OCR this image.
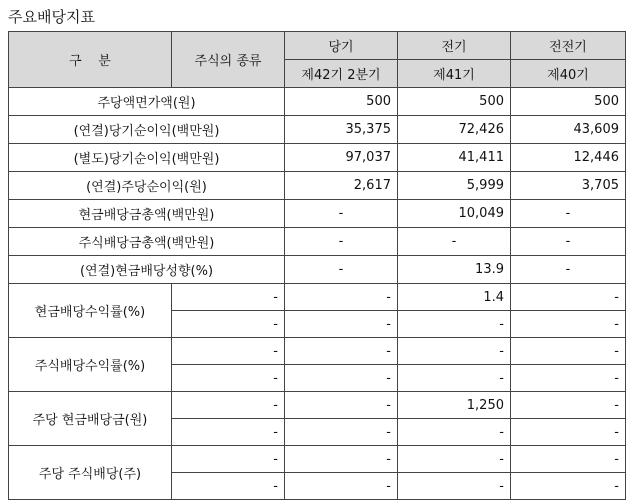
주요배당지표
구    분	주식의 종류	당기	전기	전전기
		제42기 2분기	제41기	제40기
주당액면가액(원)		500	500	500
(연결)당기순이익(백만원)		35,375	72,426	43,609
(별도)당기순이익(백만원)		97,037	41,411	12,446
(연결)주당순이익(원)		2,617	5,999	3,705
현금배당금총액(백만원)		-	10,049	-
주식배당금총액(백만원)		-	-	-
(연결)현금배당성향(%)		-	13.9	-
현금배당수익률(%)	-	-	1.4	-
	-	-	-	-
주식배당수익률(%)	-	-	-	-
	-	-	-	-
주당 현금배당금(원)	-	-	1,250	-
	-	-	-	-
주당 주식배당(주)	-	-	-	-
	-	-	-	-
